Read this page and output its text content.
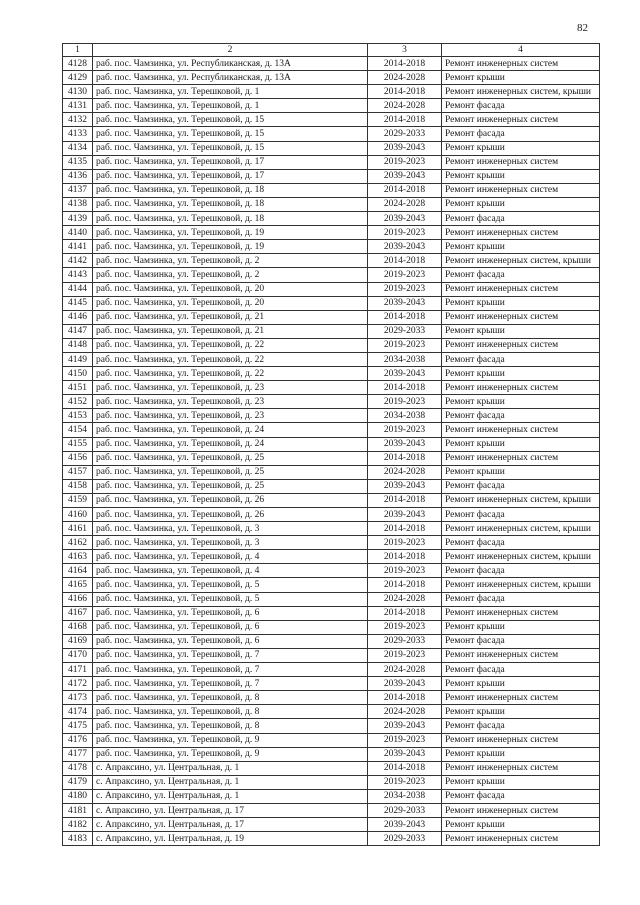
82
1	2	3	4
4128	раб. пос. Чамзинка, ул. Республиканская, д. 13А	2014-2018	Ремонт инженерных систем
4129	раб. пос. Чамзинка, ул. Республиканская, д. 13А	2024-2028	Ремонт крыши
4130	раб. пос. Чамзинка, ул. Терешковой, д. 1	2014-2018	Ремонт инженерных систем, крыши
4131	раб. пос. Чамзинка, ул. Терешковой, д. 1	2024-2028	Ремонт фасада
4132	раб. пос. Чамзинка, ул. Терешковой, д. 15	2014-2018	Ремонт инженерных систем
4133	раб. пос. Чамзинка, ул. Терешковой, д. 15	2029-2033	Ремонт фасада
4134	раб. пос. Чамзинка, ул. Терешковой, д. 15	2039-2043	Ремонт крыши
4135	раб. пос. Чамзинка, ул. Терешковой, д. 17	2019-2023	Ремонт инженерных систем
4136	раб. пос. Чамзинка, ул. Терешковой, д. 17	2039-2043	Ремонт крыши
4137	раб. пос. Чамзинка, ул. Терешковой, д. 18	2014-2018	Ремонт инженерных систем
4138	раб. пос. Чамзинка, ул. Терешковой, д. 18	2024-2028	Ремонт крыши
4139	раб. пос. Чамзинка, ул. Терешковой, д. 18	2039-2043	Ремонт фасада
4140	раб. пос. Чамзинка, ул. Терешковой, д. 19	2019-2023	Ремонт инженерных систем
4141	раб. пос. Чамзинка, ул. Терешковой, д. 19	2039-2043	Ремонт крыши
4142	раб. пос. Чамзинка, ул. Терешковой, д. 2	2014-2018	Ремонт инженерных систем, крыши
4143	раб. пос. Чамзинка, ул. Терешковой, д. 2	2019-2023	Ремонт фасада
4144	раб. пос. Чамзинка, ул. Терешковой, д. 20	2019-2023	Ремонт инженерных систем
4145	раб. пос. Чамзинка, ул. Терешковой, д. 20	2039-2043	Ремонт крыши
4146	раб. пос. Чамзинка, ул. Терешковой, д. 21	2014-2018	Ремонт инженерных систем
4147	раб. пос. Чамзинка, ул. Терешковой, д. 21	2029-2033	Ремонт крыши
4148	раб. пос. Чамзинка, ул. Терешковой, д. 22	2019-2023	Ремонт инженерных систем
4149	раб. пос. Чамзинка, ул. Терешковой, д. 22	2034-2038	Ремонт фасада
4150	раб. пос. Чамзинка, ул. Терешковой, д. 22	2039-2043	Ремонт крыши
4151	раб. пос. Чамзинка, ул. Терешковой, д. 23	2014-2018	Ремонт инженерных систем
4152	раб. пос. Чамзинка, ул. Терешковой, д. 23	2019-2023	Ремонт крыши
4153	раб. пос. Чамзинка, ул. Терешковой, д. 23	2034-2038	Ремонт фасада
4154	раб. пос. Чамзинка, ул. Терешковой, д. 24	2019-2023	Ремонт инженерных систем
4155	раб. пос. Чамзинка, ул. Терешковой, д. 24	2039-2043	Ремонт крыши
4156	раб. пос. Чамзинка, ул. Терешковой, д. 25	2014-2018	Ремонт инженерных систем
4157	раб. пос. Чамзинка, ул. Терешковой, д. 25	2024-2028	Ремонт крыши
4158	раб. пос. Чамзинка, ул. Терешковой, д. 25	2039-2043	Ремонт фасада
4159	раб. пос. Чамзинка, ул. Терешковой, д. 26	2014-2018	Ремонт инженерных систем, крыши
4160	раб. пос. Чамзинка, ул. Терешковой, д. 26	2039-2043	Ремонт фасада
4161	раб. пос. Чамзинка, ул. Терешковой, д. 3	2014-2018	Ремонт инженерных систем, крыши
4162	раб. пос. Чамзинка, ул. Терешковой, д. 3	2019-2023	Ремонт фасада
4163	раб. пос. Чамзинка, ул. Терешковой, д. 4	2014-2018	Ремонт инженерных систем, крыши
4164	раб. пос. Чамзинка, ул. Терешковой, д. 4	2019-2023	Ремонт фасада
4165	раб. пос. Чамзинка, ул. Терешковой, д. 5	2014-2018	Ремонт инженерных систем, крыши
4166	раб. пос. Чамзинка, ул. Терешковой, д. 5	2024-2028	Ремонт фасада
4167	раб. пос. Чамзинка, ул. Терешковой, д. 6	2014-2018	Ремонт инженерных систем
4168	раб. пос. Чамзинка, ул. Терешковой, д. 6	2019-2023	Ремонт крыши
4169	раб. пос. Чамзинка, ул. Терешковой, д. 6	2029-2033	Ремонт фасада
4170	раб. пос. Чамзинка, ул. Терешковой, д. 7	2019-2023	Ремонт инженерных систем
4171	раб. пос. Чамзинка, ул. Терешковой, д. 7	2024-2028	Ремонт фасада
4172	раб. пос. Чамзинка, ул. Терешковой, д. 7	2039-2043	Ремонт крыши
4173	раб. пос. Чамзинка, ул. Терешковой, д. 8	2014-2018	Ремонт инженерных систем
4174	раб. пос. Чамзинка, ул. Терешковой, д. 8	2024-2028	Ремонт крыши
4175	раб. пос. Чамзинка, ул. Терешковой, д. 8	2039-2043	Ремонт фасада
4176	раб. пос. Чамзинка, ул. Терешковой, д. 9	2019-2023	Ремонт инженерных систем
4177	раб. пос. Чамзинка, ул. Терешковой, д. 9	2039-2043	Ремонт крыши
4178	с. Апраксино, ул. Центральная, д. 1	2014-2018	Ремонт инженерных систем
4179	с. Апраксино, ул. Центральная, д. 1	2019-2023	Ремонт крыши
4180	с. Апраксино, ул. Центральная, д. 1	2034-2038	Ремонт фасада
4181	с. Апраксино, ул. Центральная, д. 17	2029-2033	Ремонт инженерных систем
4182	с. Апраксино, ул. Центральная, д. 17	2039-2043	Ремонт крыши
4183	с. Апраксино, ул. Центральная, д. 19	2029-2033	Ремонт инженерных систем
